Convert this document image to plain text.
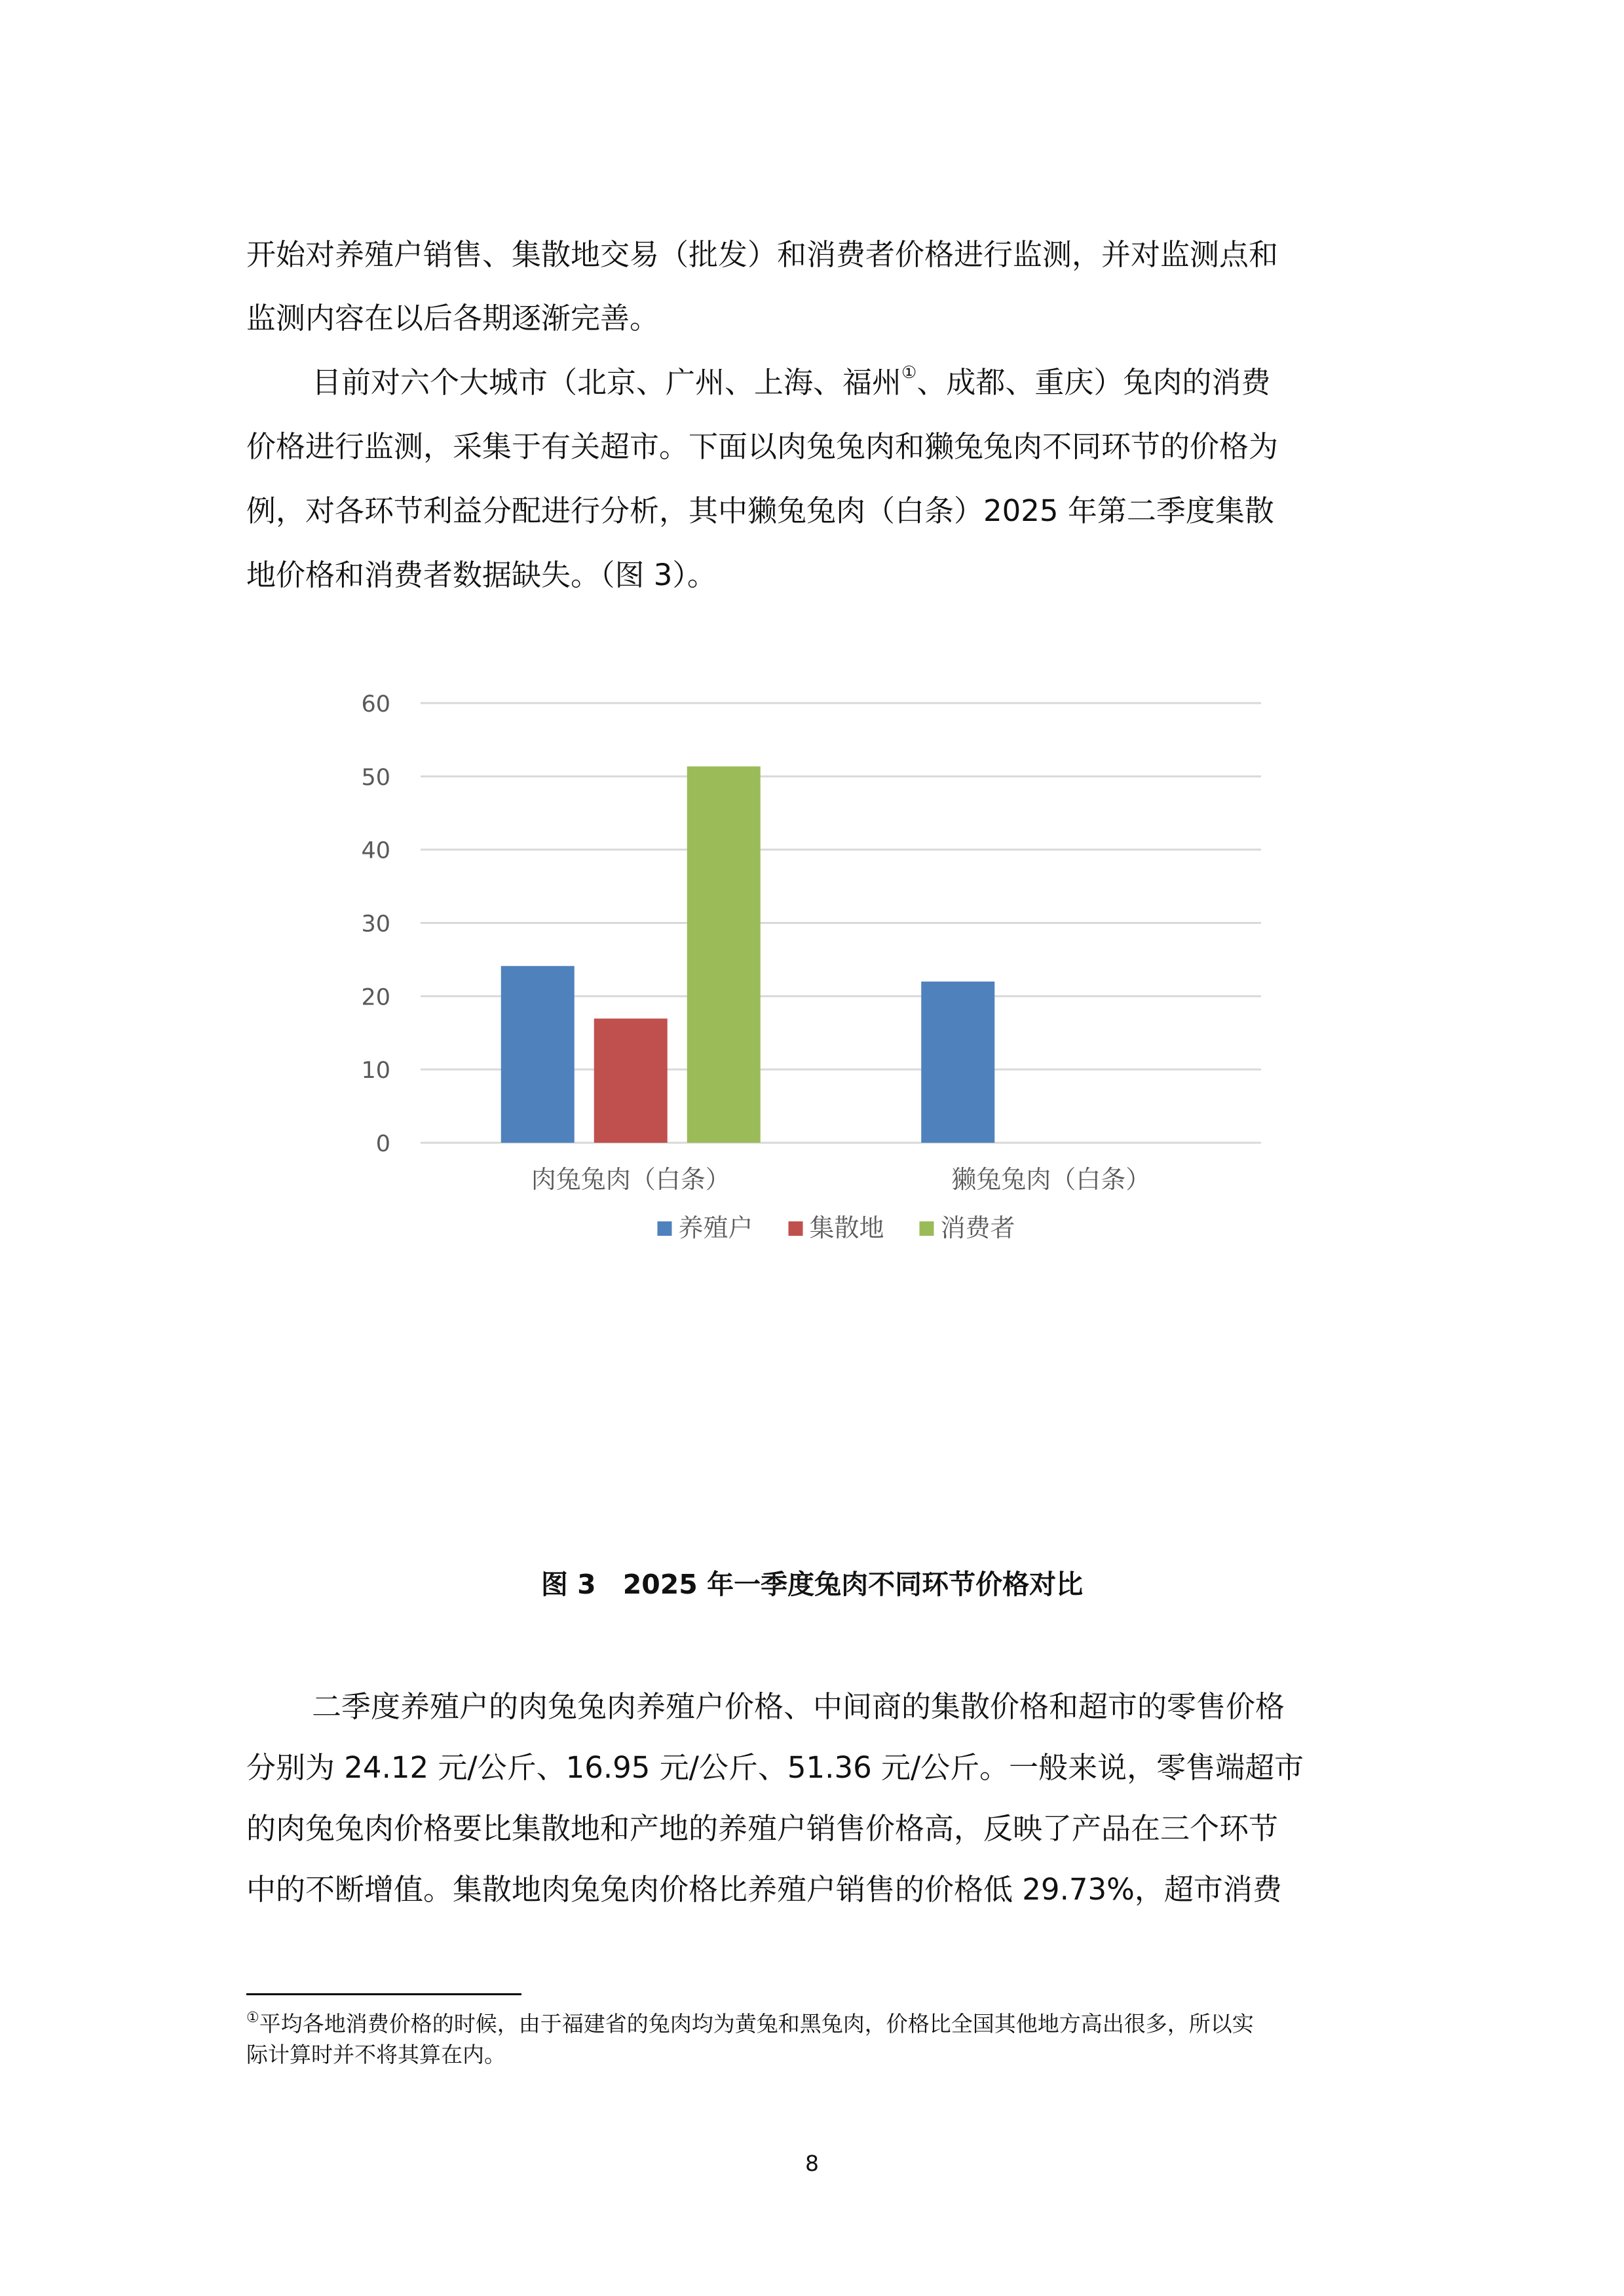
开始对养殖户销售、集散地交易（批发）和消费者价格进行监测，并对监测点和
监测内容在以后各期逐渐完善。
目前对六个大城市（北京、广州、上海、福州①、成都、重庆）兔肉的消费
价格进行监测，采集于有关超市。下面以肉兔兔肉和獭兔兔肉不同环节的价格为
例，对各环节利益分配进行分析，其中獭兔兔肉（白条）2025 年第二季度集散
地价格和消费者数据缺失。（图 3）。
0
10
20
30
40
50
60
肉兔兔肉（白条）	獭兔兔肉（白条）
养殖户 集散地 消费者
图 3　2025 年一季度兔肉不同环节价格对比
二季度养殖户的肉兔兔肉养殖户价格、中间商的集散价格和超市的零售价格
分别为 24.12 元/公斤、16.95 元/公斤、51.36 元/公斤。一般来说，零售端超市
的肉兔兔肉价格要比集散地和产地的养殖户销售价格高，反映了产品在三个环节
中的不断增值。集散地肉兔兔肉价格比养殖户销售的价格低 29.73%，超市消费
①平均各地消费价格的时候，由于福建省的兔肉均为黄兔和黑兔肉，价格比全国其他地方高出很多，所以实
际计算时并不将其算在内。
8
